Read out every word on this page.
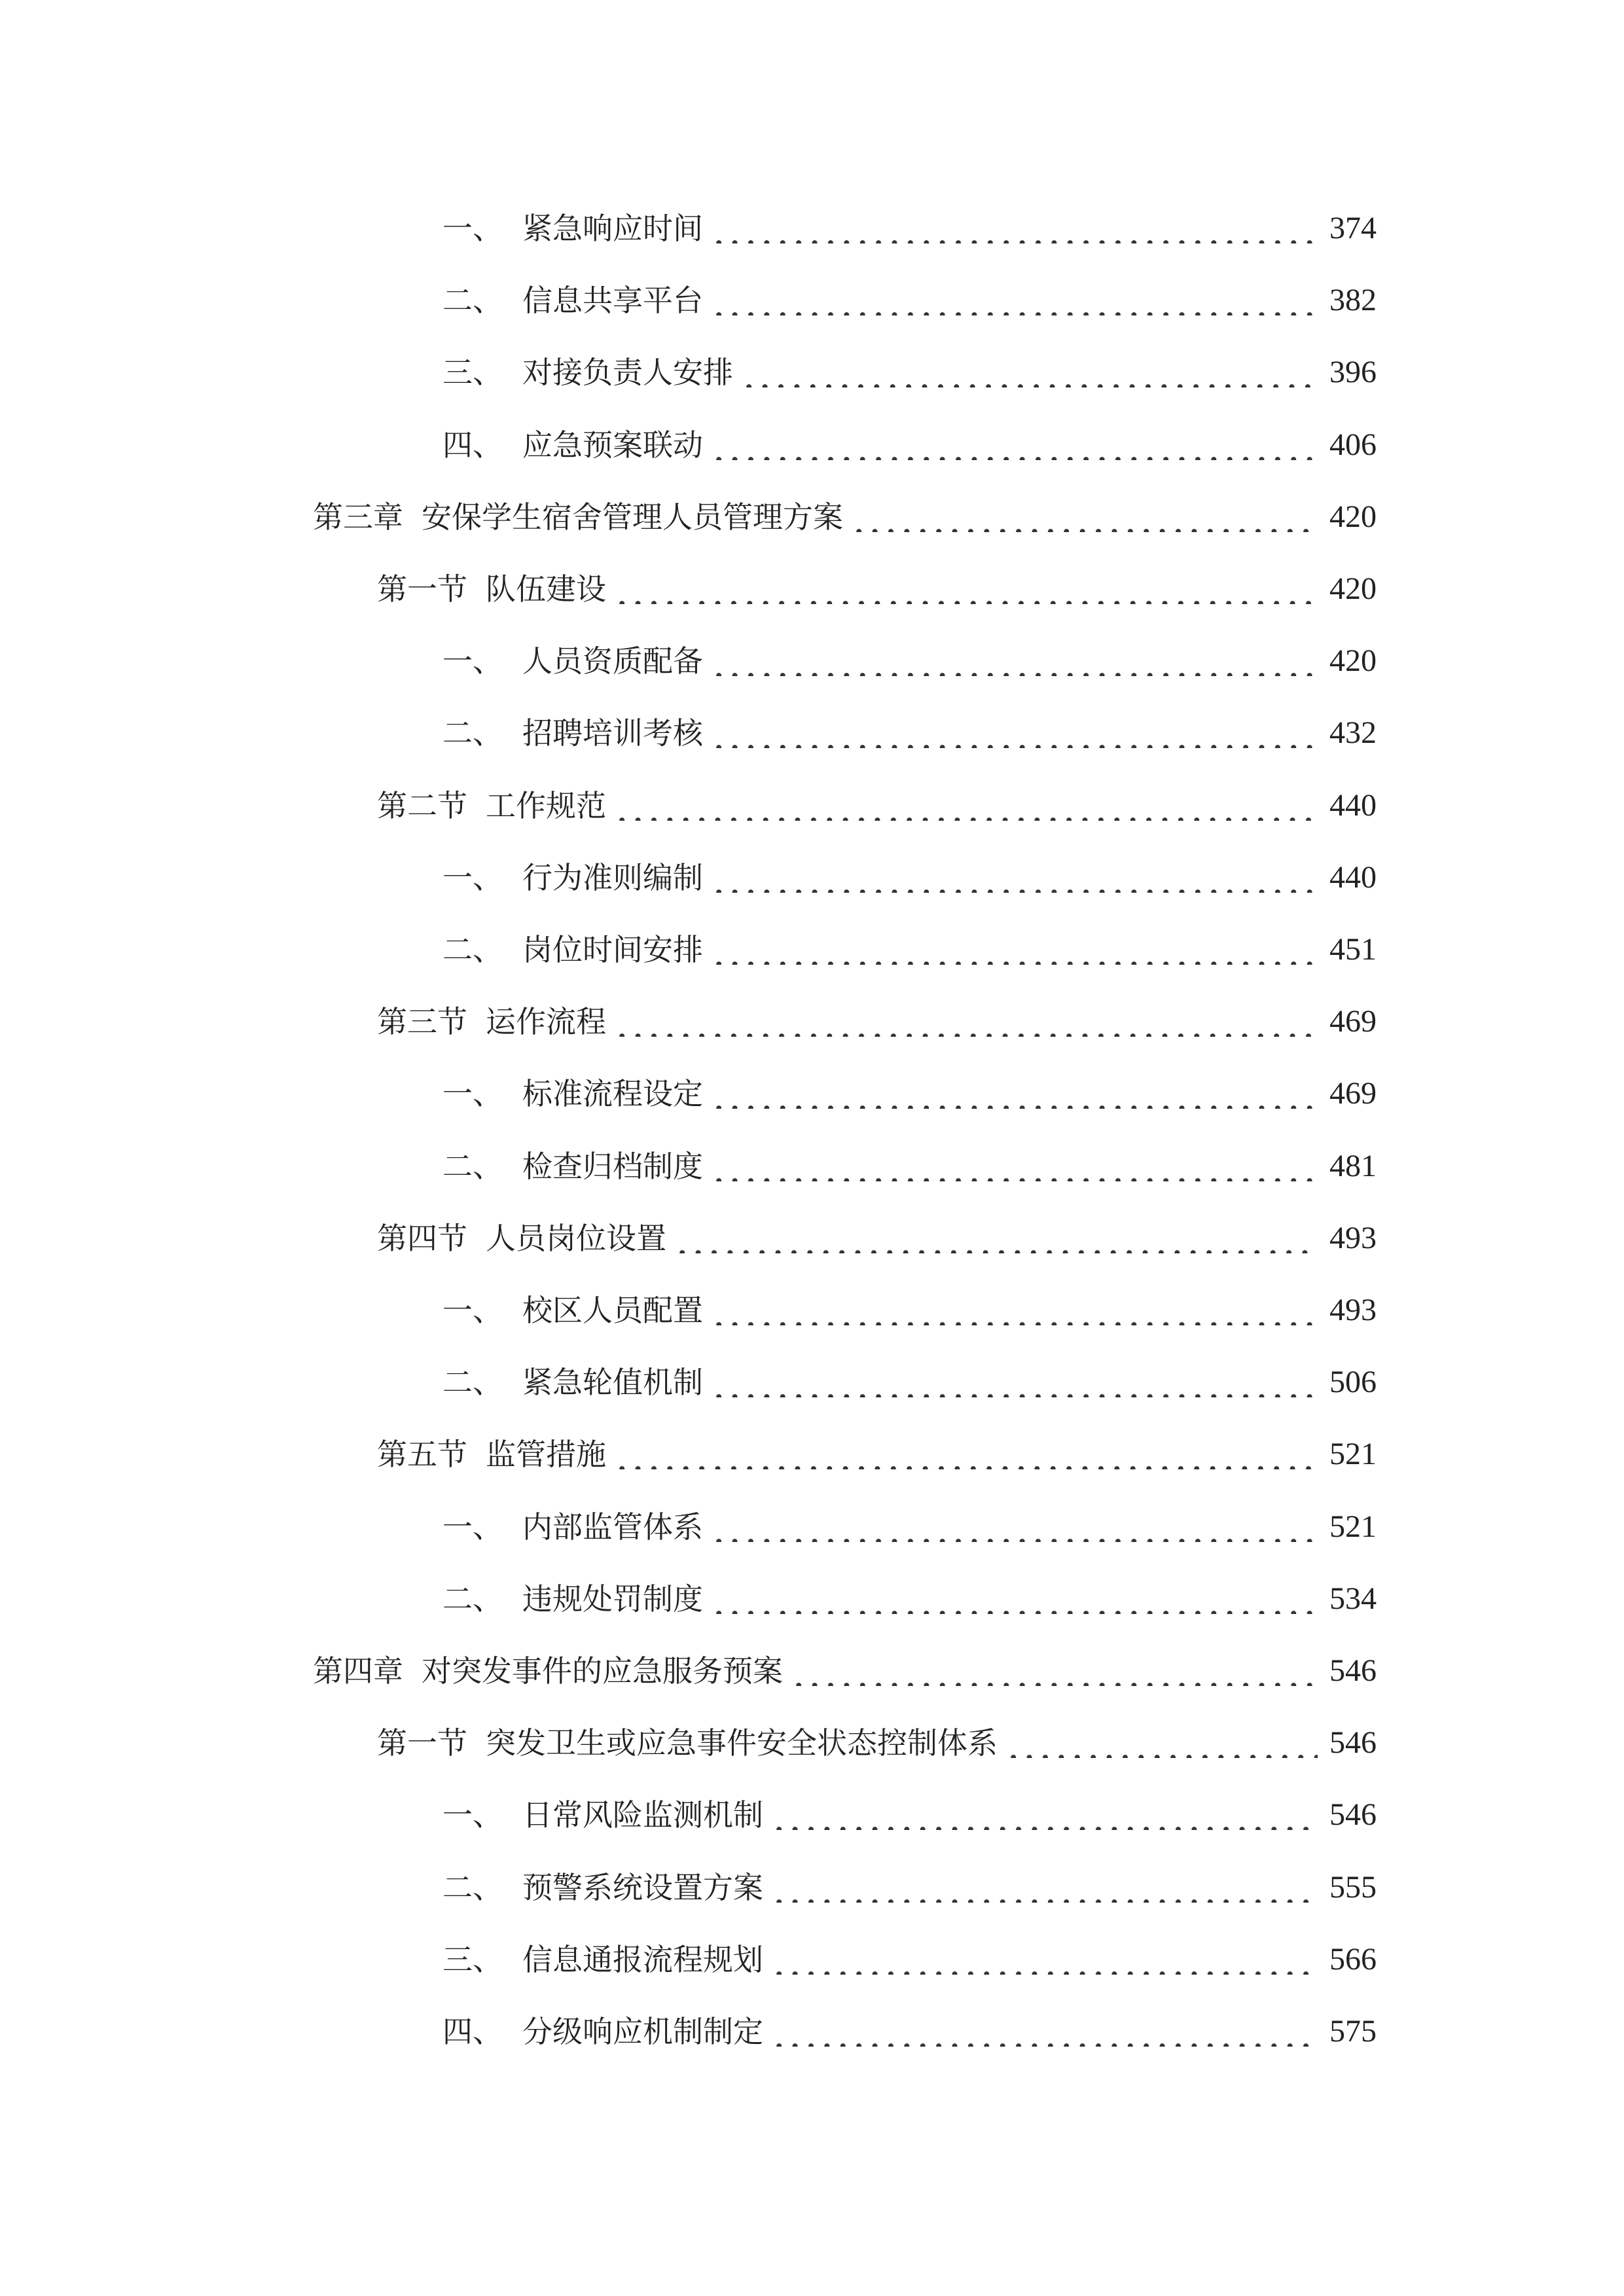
一、 紧急响应时间	374
二、 信息共享平台	382
三、 对接负责人安排	396
四、 应急预案联动	406
第三章 安保学生宿舍管理人员管理方案	420
第一节 队伍建设	420
一、 人员资质配备	420
二、 招聘培训考核	432
第二节 工作规范	440
一、 行为准则编制	440
二、 岗位时间安排	451
第三节 运作流程	469
一、 标准流程设定	469
二、 检查归档制度	481
第四节 人员岗位设置	493
一、 校区人员配置	493
二、 紧急轮值机制	506
第五节 监管措施	521
一、 内部监管体系	521
二、 违规处罚制度	534
第四章 对突发事件的应急服务预案	546
第一节 突发卫生或应急事件安全状态控制体系	546
一、 日常风险监测机制	546
二、 预警系统设置方案	555
三、 信息通报流程规划	566
四、 分级响应机制制定	575
